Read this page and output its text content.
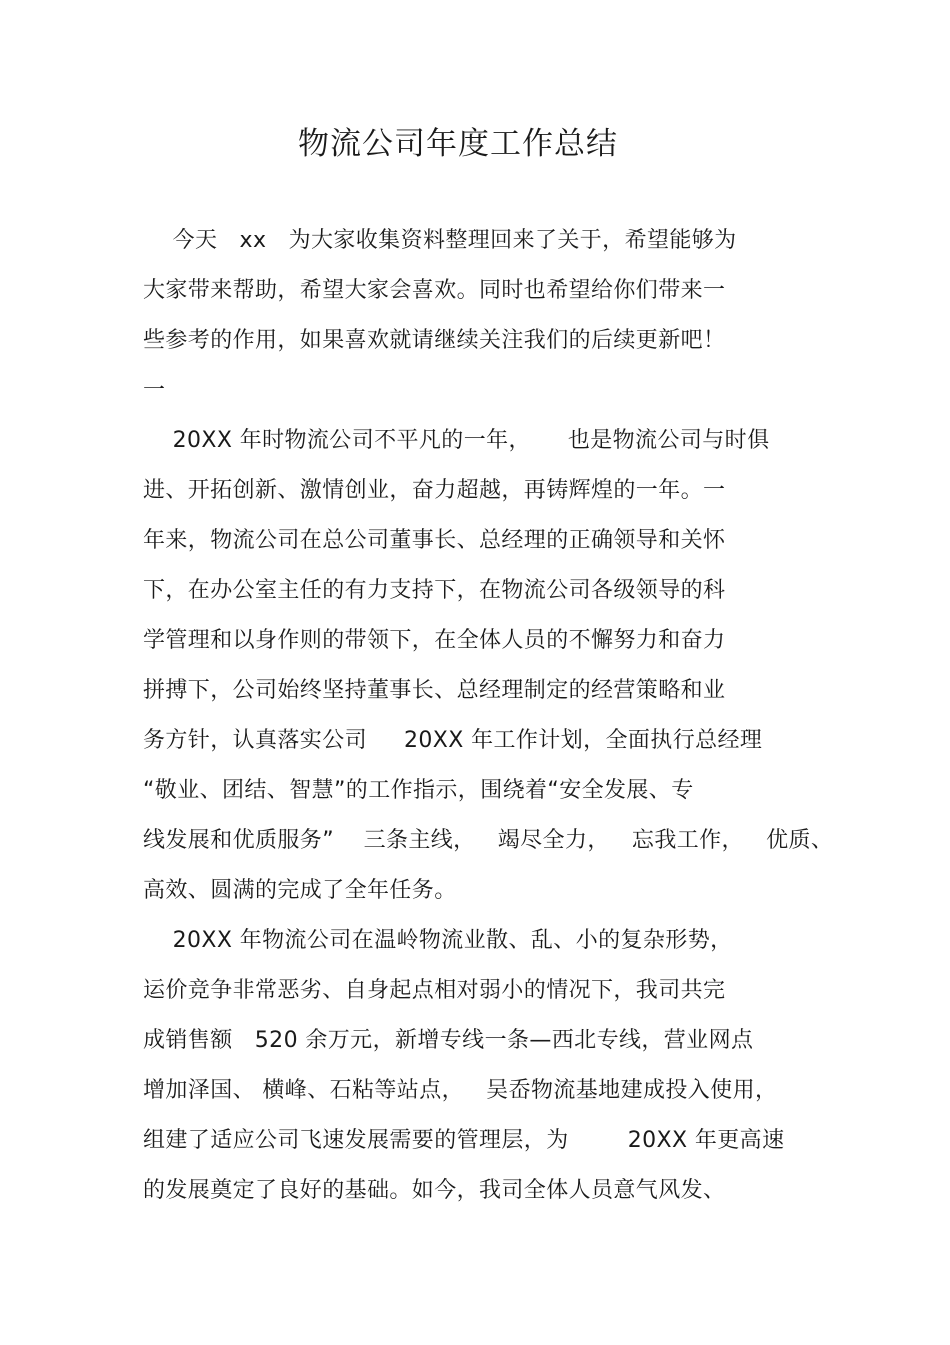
物流公司年度工作总结
今天   xx   为大家收集资料整理回来了关于，希望能够为
大家带来帮助，希望大家会喜欢。同时也希望给你们带来一
些参考的作用，如果喜欢就请继续关注我们的后续更新吧！
一
20XX 年时物流公司不平凡的一年，     也是物流公司与时俱
进、开拓创新、激情创业，奋力超越，再铸辉煌的一年。一
年来，物流公司在总公司董事长、总经理的正确领导和关怀
下，在办公室主任的有力支持下，在物流公司各级领导的科
学管理和以身作则的带领下，在全体人员的不懈努力和奋力
拼搏下，公司始终坚持董事长、总经理制定的经营策略和业
务方针，认真落实公司     20XX 年工作计划，全面执行总经理
“敬业、团结、智慧”的工作指示，围绕着“安全发展、专
线发展和优质服务”    三条主线，   竭尽全力，   忘我工作，   优质、
高效、圆满的完成了全年任务。
20XX 年物流公司在温岭物流业散、乱、小的复杂形势，
运价竞争非常恶劣、自身起点相对弱小的情况下，我司共完
成销售额   520 余万元，新增专线一条—西北专线，营业网点
增加泽国、 横峰、石粘等站点，   吴岙物流基地建成投入使用，
组建了适应公司飞速发展需要的管理层，为        20XX 年更高速
的发展奠定了良好的基础。如今，我司全体人员意气风发、
